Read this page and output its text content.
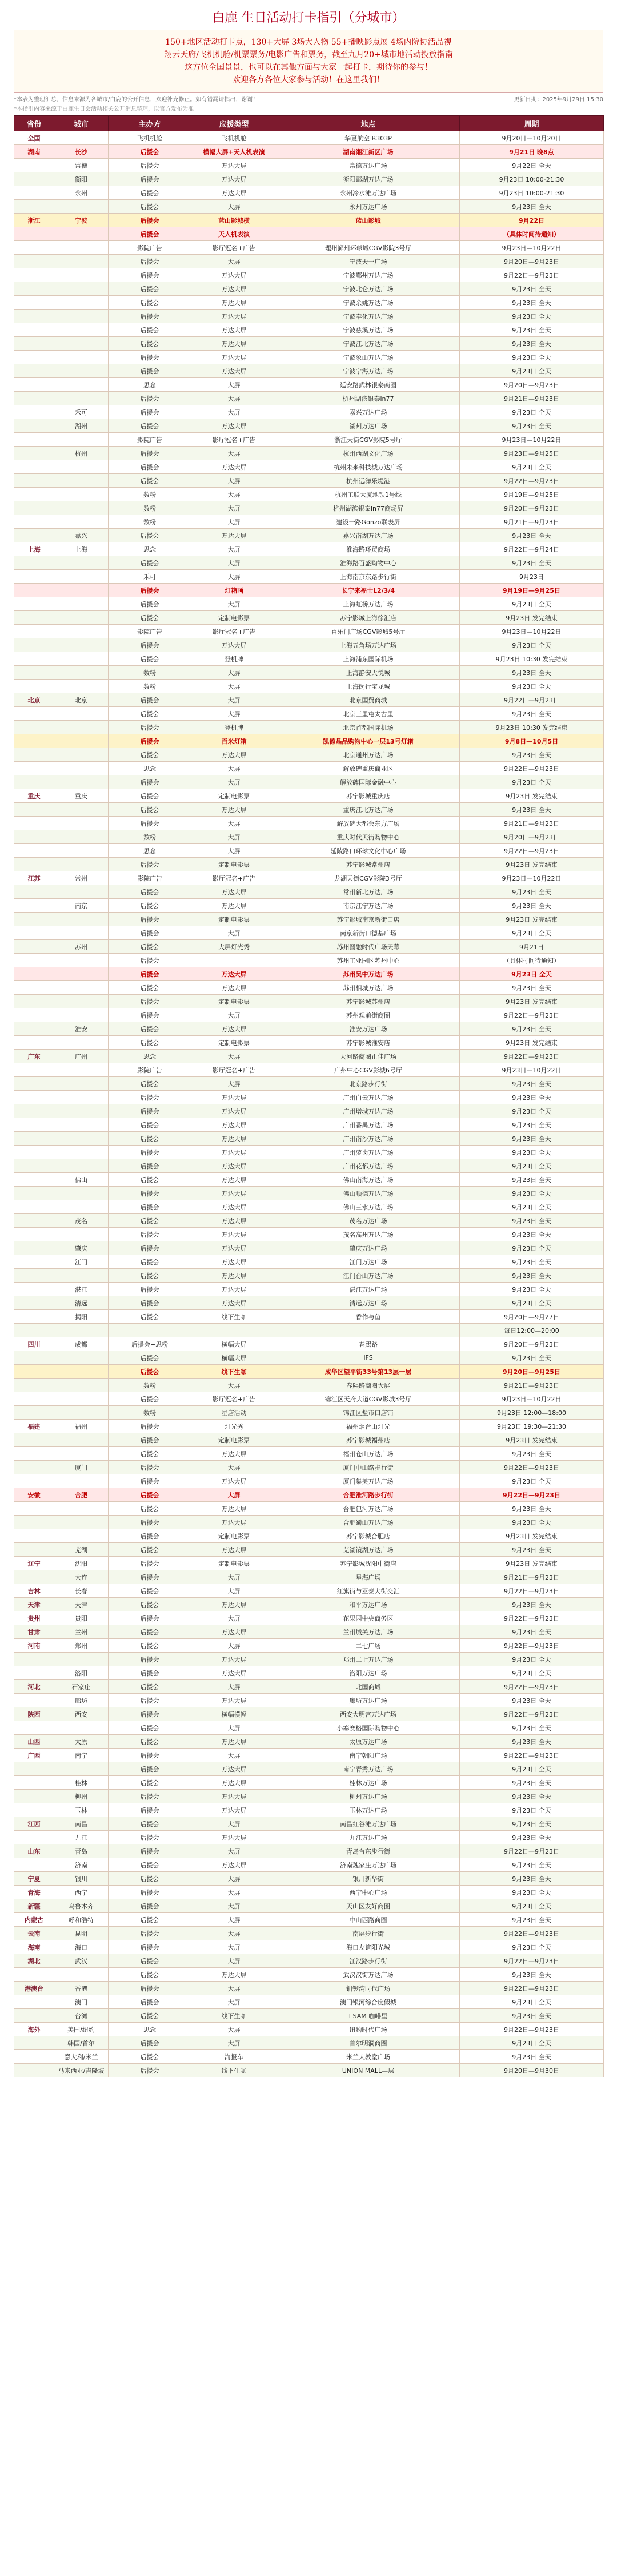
白鹿 生日活动打卡指引（分城市）
150+地区活动打卡点，130+大屏 3场大人物 55+播映影点展 4场内院协活品视
翔云天府/飞机机舱/机票票务/电影广告和票务，截至九月20+城市地活动投放指南
这方位全国景景，也可以在其他方面与大家一起打卡，期待你的参与！
欢迎各方各位大家参与活动！在这里我们！
*本表为整理汇总，信息来源为各城市/白鹿的公开信息，欢迎补充修正。如有错漏请指出，谢谢！	更新日期：2025年9月29日 15:30
*本指引内容来源于白鹿生日会活动相关公开消息整理，以官方发布为准
省份	城市	主办方	应援类型	地点	周期
全国		飞机机舱	飞机机舱	华夏航空 B303P	9月20日—10月20日
湖南	长沙	后援会	横幅大屏+天人机表演	湖南湘江新区广场	9月21日 晚8点
	常德	后援会	万达大屏	常德万达广场	9月22日 全天
	衡阳	后援会	万达大屏	衡阳酃湖万达广场	9月23日 10:00-21:30
	永州	后援会	万达大屏	永州冷水滩万达广场	9月23日 10:00-21:30
		后援会	大屏	永州万达广场	9月23日 全天
浙江	宁波	后援会	蓝山影城横	蓝山影城	9月22日
		后援会	天人机表演		（具体时间待通知）
		影院广告	影厅冠名+广告	理州鄞州环球城CGV影院3号厅	9月23日—10月22日
		后援会	大屏	宁波天一广场	9月20日—9月23日
		后援会	万达大屏	宁波鄞州万达广场	9月22日—9月23日
		后援会	万达大屏	宁波北仑万达广场	9月23日 全天
		后援会	万达大屏	宁波余姚万达广场	9月23日 全天
		后援会	万达大屏	宁波奉化万达广场	9月23日 全天
		后援会	万达大屏	宁波慈溪万达广场	9月23日 全天
		后援会	万达大屏	宁波江北万达广场	9月23日 全天
		后援会	万达大屏	宁波象山万达广场	9月23日 全天
		后援会	万达大屏	宁波宁海万达广场	9月23日 全天
		思念	大屏	延安路武林银泰商圈	9月20日—9月23日
		后援会	大屏	杭州湖滨银泰in77	9月21日—9月23日
	禾可	后援会	大屏	嘉兴万达广场	9月23日 全天
	湖州	后援会	万达大屏	湖州万达广场	9月23日 全天
		影院广告	影厅冠名+广告	浙江天街CGV影院5号厅	9月23日—10月22日
	杭州	后援会	大屏	杭州西湖文化广场	9月23日—9月25日
		后援会	万达大屏	杭州未来科技城万达广场	9月23日 全天
		后援会	大屏	杭州远洋乐堤港	9月22日—9月23日
		数粉	大屏	杭州工联大厦地铁1号线	9月19日—9月25日
		数粉	大屏	杭州湖滨银泰in77商场屏	9月20日—9月23日
		数粉	大屏	建设一路Gonzo联表屏	9月21日—9月23日
	嘉兴	后援会	万达大屏	嘉兴南湖万达广场	9月23日 全天
上海	上海	思念	大屏	淮海路环贸商场	9月22日—9月24日
		后援会	大屏	淮海路百盛购物中心	9月23日 全天
		禾可	大屏	上海南京东路步行街	9月23日
		后援会	灯箱画	长宁来福士L2/3/4	9月19日—9月25日
		后援会	大屏	上海虹桥万达广场	9月23日 全天
		后援会	定制电影票	苏宁影城上海徐汇店	9月23日 发完结束
		影院广告	影厅冠名+广告	百乐门广场CGV影城5号厅	9月23日—10月22日
		后援会	万达大屏	上海五角场万达广场	9月23日 全天
		后援会	登机牌	上海浦东国际机场	9月23日 10:30 发完结束
		数粉	大屏	上海静安大悦城	9月23日 全天
		数粉	大屏	上海闵行宝龙城	9月23日 全天
北京	北京	后援会	大屏	北京国贸商城	9月22日—9月23日
		后援会	大屏	北京三里屯太古里	9月23日 全天
		后援会	登机牌	北京首都国际机场	9月23日 10:30 发完结束
		后援会	百米灯箱	凯德晶品购物中心一层13号灯箱	9月8日—10月5日
		后援会	万达大屏	北京通州万达广场	9月23日 全天
		思念	大屏	解放碑重庆商业区	9月22日—9月23日
		后援会	大屏	解放碑国际金融中心	9月23日 全天
重庆	重庆	后援会	定制电影票	苏宁影城重庆店	9月23日 发完结束
		后援会	万达大屏	重庆江北万达广场	9月23日 全天
		后援会	大屏	解放碑大都会东方广场	9月21日—9月23日
		数粉	大屏	重庆时代天街购物中心	9月20日—9月23日
		思念	大屏	延陵路口环球文化中心广场	9月22日—9月23日
		后援会	定制电影票	苏宁影城常州店	9月23日 发完结束
江苏	常州	影院广告	影厅冠名+广告	龙湖天街CGV影院3号厅	9月23日—10月22日
		后援会	万达大屏	常州新北万达广场	9月23日 全天
	南京	后援会	万达大屏	南京江宁万达广场	9月23日 全天
		后援会	定制电影票	苏宁影城南京新街口店	9月23日 发完结束
		后援会	大屏	南京新街口德基广场	9月23日 全天
	苏州	后援会	大屏灯光秀	苏州圆融时代广场天幕	9月21日
		后援会		苏州工业园区苏州中心	（具体时间待通知）
		后援会	万达大屏	苏州吴中万达广场	9月23日 全天
		后援会	万达大屏	苏州相城万达广场	9月23日 全天
		后援会	定制电影票	苏宁影城苏州店	9月23日 发完结束
		后援会	大屏	苏州观前街商圈	9月22日—9月23日
	淮安	后援会	万达大屏	淮安万达广场	9月23日 全天
		后援会	定制电影票	苏宁影城淮安店	9月23日 发完结束
广东	广州	思念	大屏	天河路商圈正佳广场	9月22日—9月23日
		影院广告	影厅冠名+广告	广州中心CGV影城6号厅	9月23日—10月22日
		后援会	大屏	北京路步行街	9月23日 全天
		后援会	万达大屏	广州白云万达广场	9月23日 全天
		后援会	万达大屏	广州增城万达广场	9月23日 全天
		后援会	万达大屏	广州番禺万达广场	9月23日 全天
		后援会	万达大屏	广州南沙万达广场	9月23日 全天
		后援会	万达大屏	广州萝岗万达广场	9月23日 全天
		后援会	万达大屏	广州花都万达广场	9月23日 全天
	佛山	后援会	万达大屏	佛山南海万达广场	9月23日 全天
		后援会	万达大屏	佛山顺德万达广场	9月23日 全天
		后援会	万达大屏	佛山三水万达广场	9月23日 全天
	茂名	后援会	万达大屏	茂名万达广场	9月23日 全天
		后援会	万达大屏	茂名高州万达广场	9月23日 全天
	肇庆	后援会	万达大屏	肇庆万达广场	9月23日 全天
	江门	后援会	万达大屏	江门万达广场	9月23日 全天
		后援会	万达大屏	江门台山万达广场	9月23日 全天
	湛江	后援会	万达大屏	湛江万达广场	9月23日 全天
	清远	后援会	万达大屏	清远万达广场	9月23日 全天
	揭阳	后援会	线下生咖	香作与鱼	9月20日—9月27日
					每日12:00—20:00
四川	成都	后援会+思粉	横幅大屏	春熙路	9月20日—9月23日
		后援会	横幅大屏	IFS	9月23日 全天
		后援会	线下生咖	成华区望平街33号第13层一层	9月20日—9月25日
		数粉	大屏	春熙路商圈大屏	9月21日—9月23日
		后援会	影厅冠名+广告	锦江区天府大道CGV影城3号厅	9月23日—10月22日
		数粉	星店活动	锦江区盐市口店铺	9月23日 12:00—18:00
福建	福州	后援会	灯光秀	福州烟台山灯光	9月23日 19:30—21:30
		后援会	定制电影票	苏宁影城福州店	9月23日 发完结束
		后援会	万达大屏	福州仓山万达广场	9月23日 全天
	厦门	后援会	大屏	厦门中山路步行街	9月22日—9月23日
		后援会	万达大屏	厦门集美万达广场	9月23日 全天
安徽	合肥	后援会	大屏	合肥淮河路步行街	9月22日—9月23日
		后援会	万达大屏	合肥包河万达广场	9月23日 全天
		后援会	万达大屏	合肥蜀山万达广场	9月23日 全天
		后援会	定制电影票	苏宁影城合肥店	9月23日 发完结束
	芜湖	后援会	万达大屏	芜湖镜湖万达广场	9月23日 全天
辽宁	沈阳	后援会	定制电影票	苏宁影城沈阳中街店	9月23日 发完结束
	大连	后援会	大屏	星海广场	9月21日—9月23日
吉林	长春	后援会	大屏	红旗街与亚泰大街交汇	9月22日—9月23日
天津	天津	后援会	万达大屏	和平万达广场	9月23日 全天
贵州	贵阳	后援会	大屏	花果园中央商务区	9月22日—9月23日
甘肃	兰州	后援会	万达大屏	兰州城关万达广场	9月23日 全天
河南	郑州	后援会	大屏	二七广场	9月22日—9月23日
		后援会	万达大屏	郑州二七万达广场	9月23日 全天
	洛阳	后援会	万达大屏	洛阳万达广场	9月23日 全天
河北	石家庄	后援会	大屏	北国商城	9月22日—9月23日
	廊坊	后援会	万达大屏	廊坊万达广场	9月23日 全天
陕西	西安	后援会	横幅横幅	西安大明宫万达广场	9月22日—9月23日
		后援会	大屏	小寨赛格国际购物中心	9月23日 全天
山西	太原	后援会	万达大屏	太原万达广场	9月23日 全天
广西	南宁	后援会	大屏	南宁朝阳广场	9月22日—9月23日
		后援会	万达大屏	南宁青秀万达广场	9月23日 全天
	桂林	后援会	万达大屏	桂林万达广场	9月23日 全天
	柳州	后援会	万达大屏	柳州万达广场	9月23日 全天
	玉林	后援会	万达大屏	玉林万达广场	9月23日 全天
江西	南昌	后援会	大屏	南昌红谷滩万达广场	9月23日 全天
	九江	后援会	万达大屏	九江万达广场	9月23日 全天
山东	青岛	后援会	大屏	青岛台东步行街	9月22日—9月23日
	济南	后援会	万达大屏	济南魏家庄万达广场	9月23日 全天
宁夏	银川	后援会	大屏	银川新华街	9月23日 全天
青海	西宁	后援会	大屏	西宁中心广场	9月23日 全天
新疆	乌鲁木齐	后援会	大屏	天山区友好商圈	9月23日 全天
内蒙古	呼和浩特	后援会	大屏	中山西路商圈	9月23日 全天
云南	昆明	后援会	大屏	南屏步行街	9月22日—9月23日
海南	海口	后援会	大屏	海口友谊阳光城	9月23日 全天
湖北	武汉	后援会	大屏	江汉路步行街	9月22日—9月23日
		后援会	万达大屏	武汉汉街万达广场	9月23日 全天
港澳台	香港	后援会	大屏	铜锣湾时代广场	9月22日—9月23日
	澳门	后援会	大屏	澳门银河综合度假城	9月23日 全天
	台湾	后援会	线下生咖	I SAM 咖啡里	9月23日 全天
海外	美国/纽约	思念	大屏	纽约时代广场	9月22日—9月23日
	韩国/首尔	后援会	大屏	首尔明洞商圈	9月23日 全天
	意大利/米兰	后援会	海报车	米兰大教堂广场	9月23日 全天
	马来西亚/吉隆坡	后援会	线下生咖	UNION MALL—层	9月20日—9月30日
